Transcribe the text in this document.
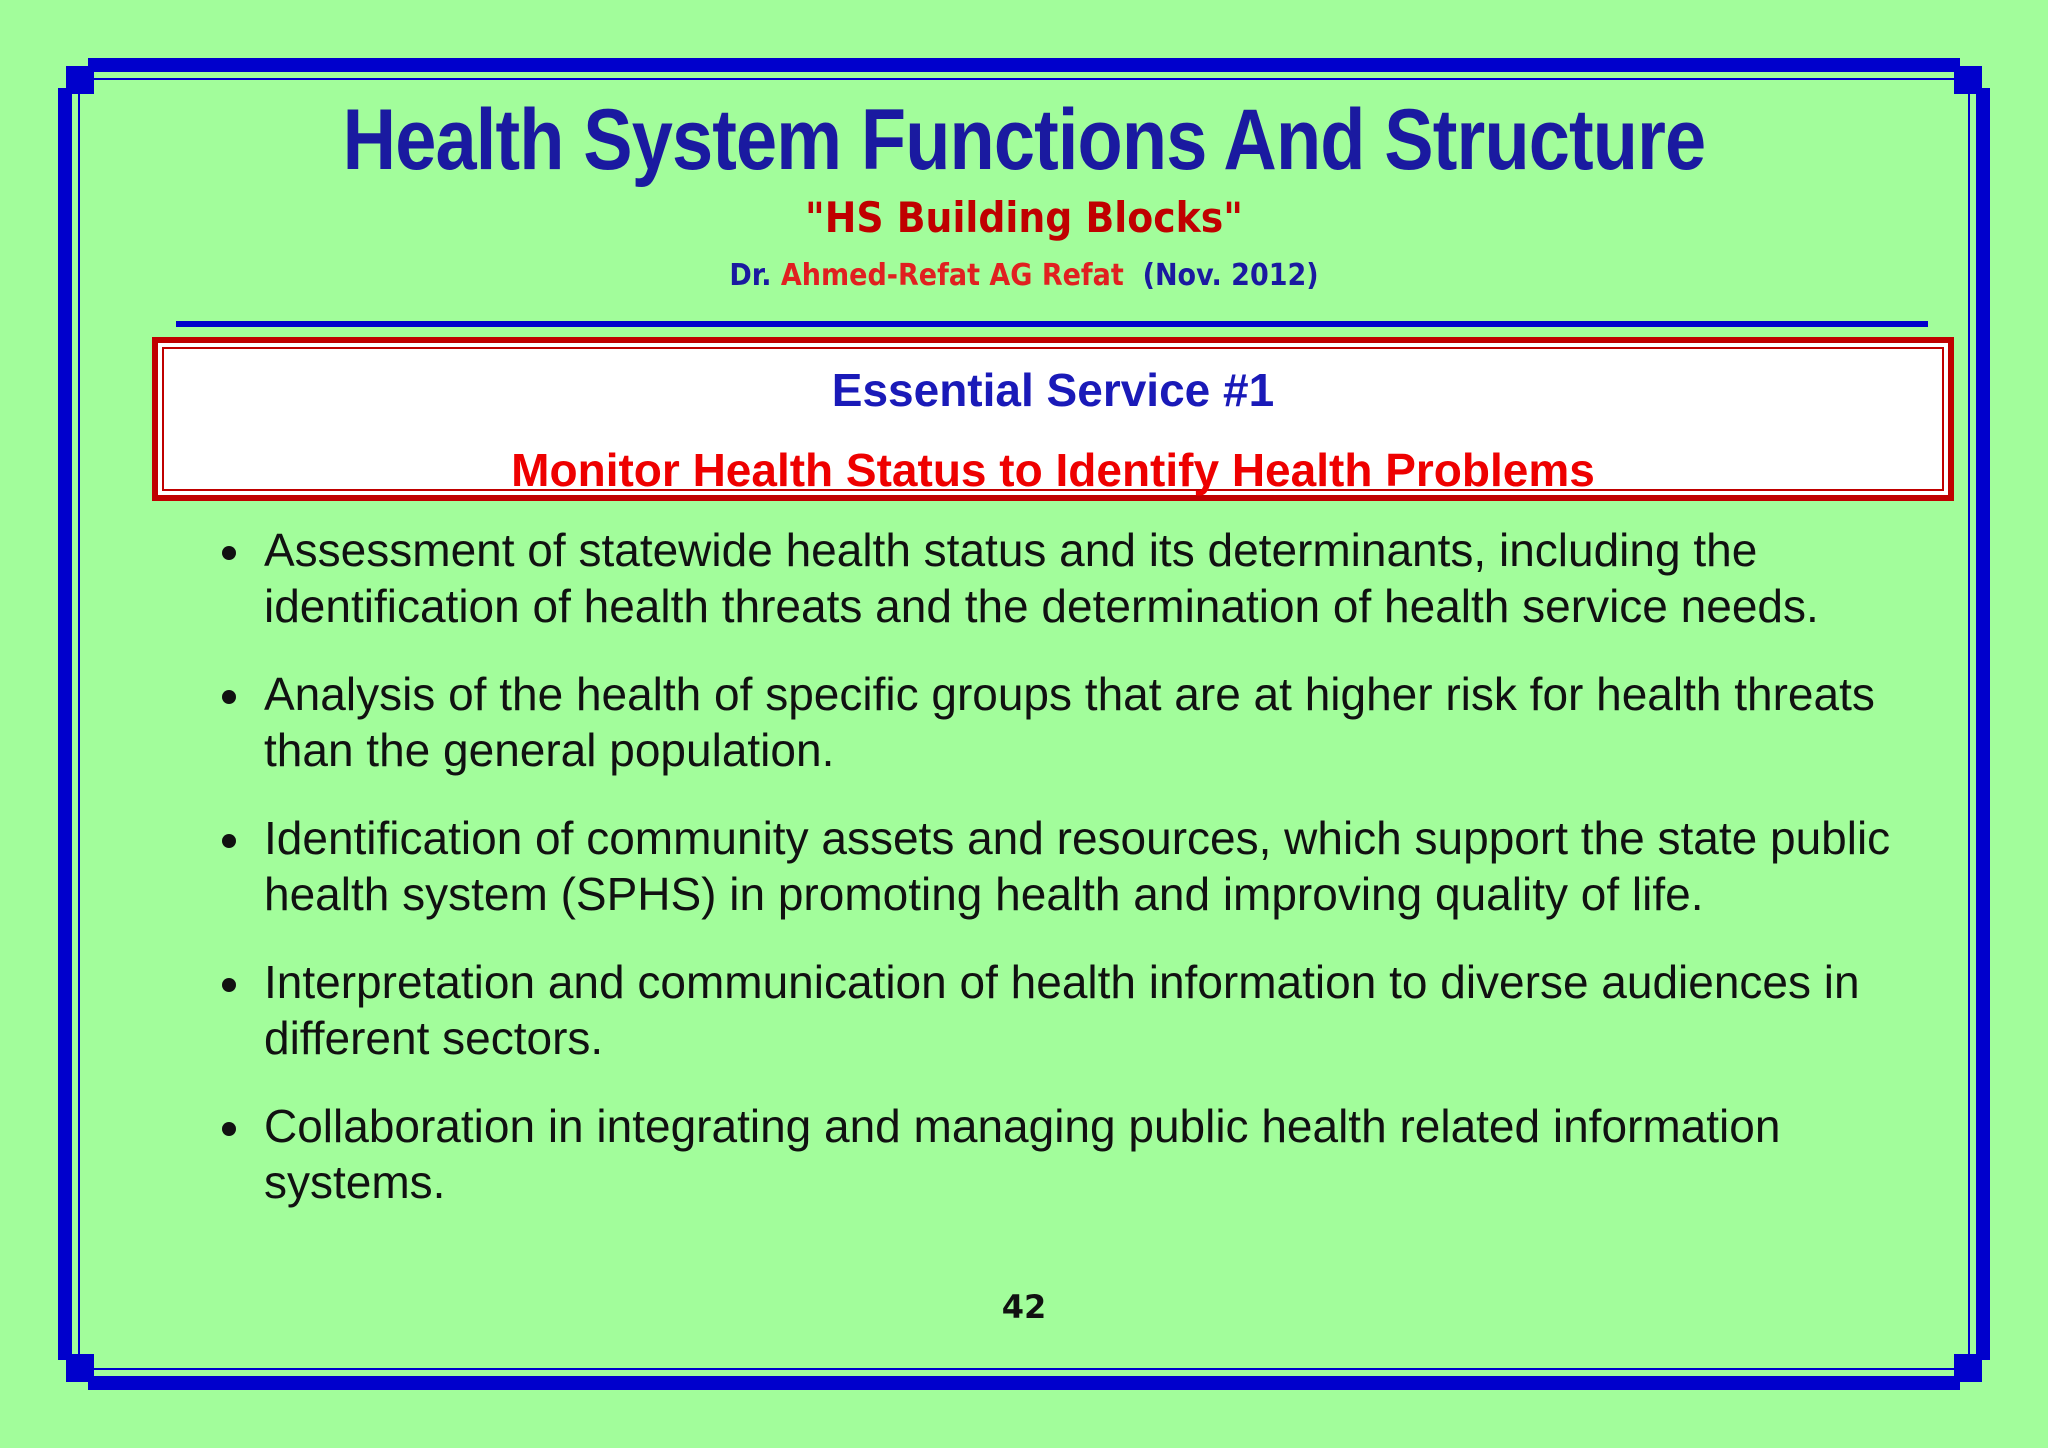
Health System Functions And Structure
"HS Building Blocks"
Dr. Ahmed-Refat AG Refat (Nov. 2012)
Essential Service #1
Monitor Health Status to Identify Health Problems
Assessment of statewide health status and its determinants, including the identification of health threats and the determination of health service needs.
Analysis of the health of specific groups that are at higher risk for health threats than the general population.
Identification of community assets and resources, which support the state public health system (SPHS) in promoting health and improving quality of life.
Interpretation and communication of health information to diverse audiences in different sectors.
Collaboration in integrating and managing public health related information systems.
42
